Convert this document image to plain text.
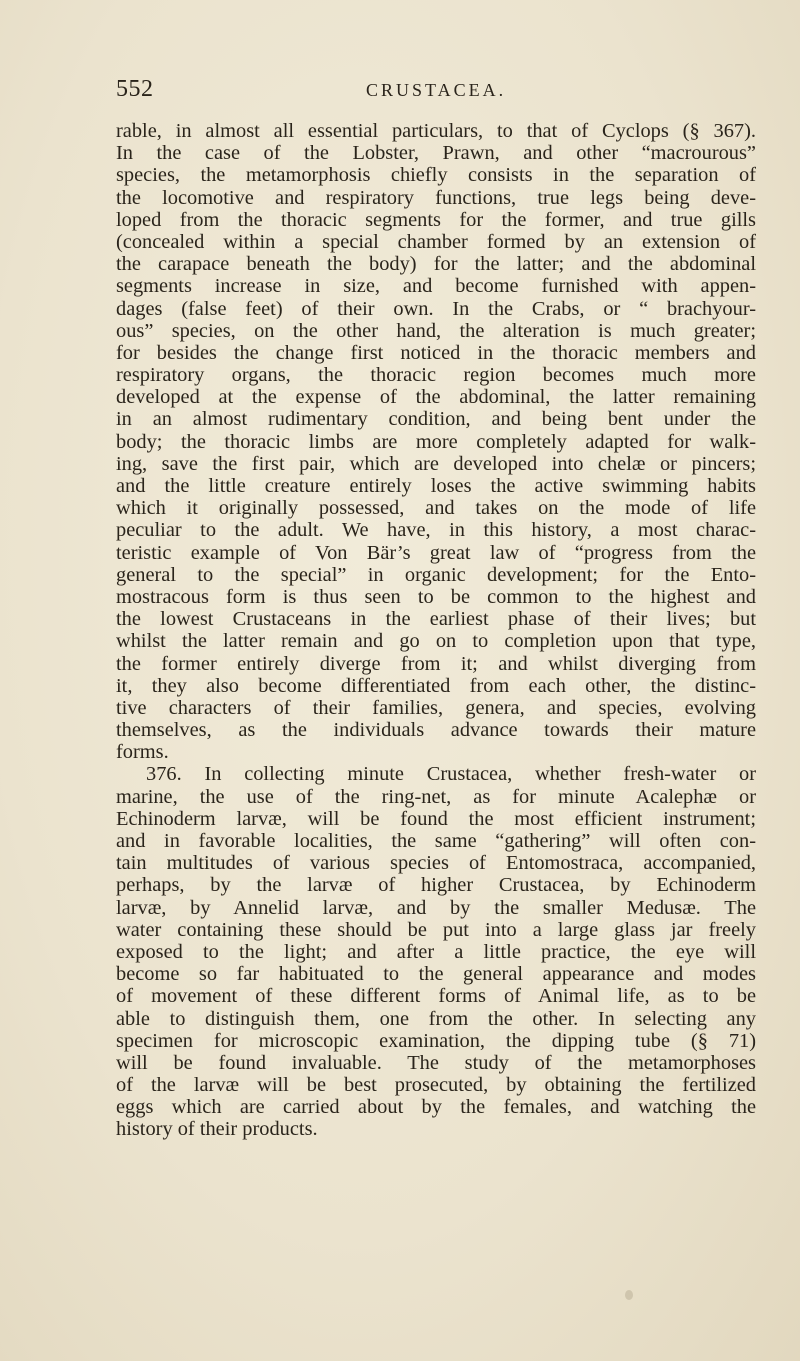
552	CRUSTACEA.
rable, in almost all essential particulars, to that of Cyclops (§ 367).
In the case of the Lobster, Prawn, and other “macrourous”
species, the metamorphosis chiefly consists in the separation of
the locomotive and respiratory functions, true legs being deve-
loped from the thoracic segments for the former, and true gills
(concealed within a special chamber formed by an extension of
the carapace beneath the body) for the latter; and the abdominal
segments increase in size, and become furnished with appen-
dages (false feet) of their own. In the Crabs, or “ brachyour-
ous” species, on the other hand, the alteration is much greater;
for besides the change first noticed in the thoracic members and
respiratory organs, the thoracic region becomes much more
developed at the expense of the abdominal, the latter remaining
in an almost rudimentary condition, and being bent under the
body; the thoracic limbs are more completely adapted for walk-
ing, save the first pair, which are developed into chelæ or pincers;
and the little creature entirely loses the active swimming habits
which it originally possessed, and takes on the mode of life
peculiar to the adult. We have, in this history, a most charac-
teristic example of Von Bär’s great law of “progress from the
general to the special” in organic development; for the Ento-
mostracous form is thus seen to be common to the highest and
the lowest Crustaceans in the earliest phase of their lives; but
whilst the latter remain and go on to completion upon that type,
the former entirely diverge from it; and whilst diverging from
it, they also become differentiated from each other, the distinc-
tive characters of their families, genera, and species, evolving
themselves, as the individuals advance towards their mature
forms.
376. In collecting minute Crustacea, whether fresh-water or
marine, the use of the ring-net, as for minute Acalephæ or
Echinoderm larvæ, will be found the most efficient instrument;
and in favorable localities, the same “gathering” will often con-
tain multitudes of various species of Entomostraca, accompanied,
perhaps, by the larvæ of higher Crustacea, by Echinoderm
larvæ, by Annelid larvæ, and by the smaller Medusæ. The
water containing these should be put into a large glass jar freely
exposed to the light; and after a little practice, the eye will
become so far habituated to the general appearance and modes
of movement of these different forms of Animal life, as to be
able to distinguish them, one from the other. In selecting any
specimen for microscopic examination, the dipping tube (§ 71)
will be found invaluable. The study of the metamorphoses
of the larvæ will be best prosecuted, by obtaining the fertilized
eggs which are carried about by the females, and watching the
history of their products.
